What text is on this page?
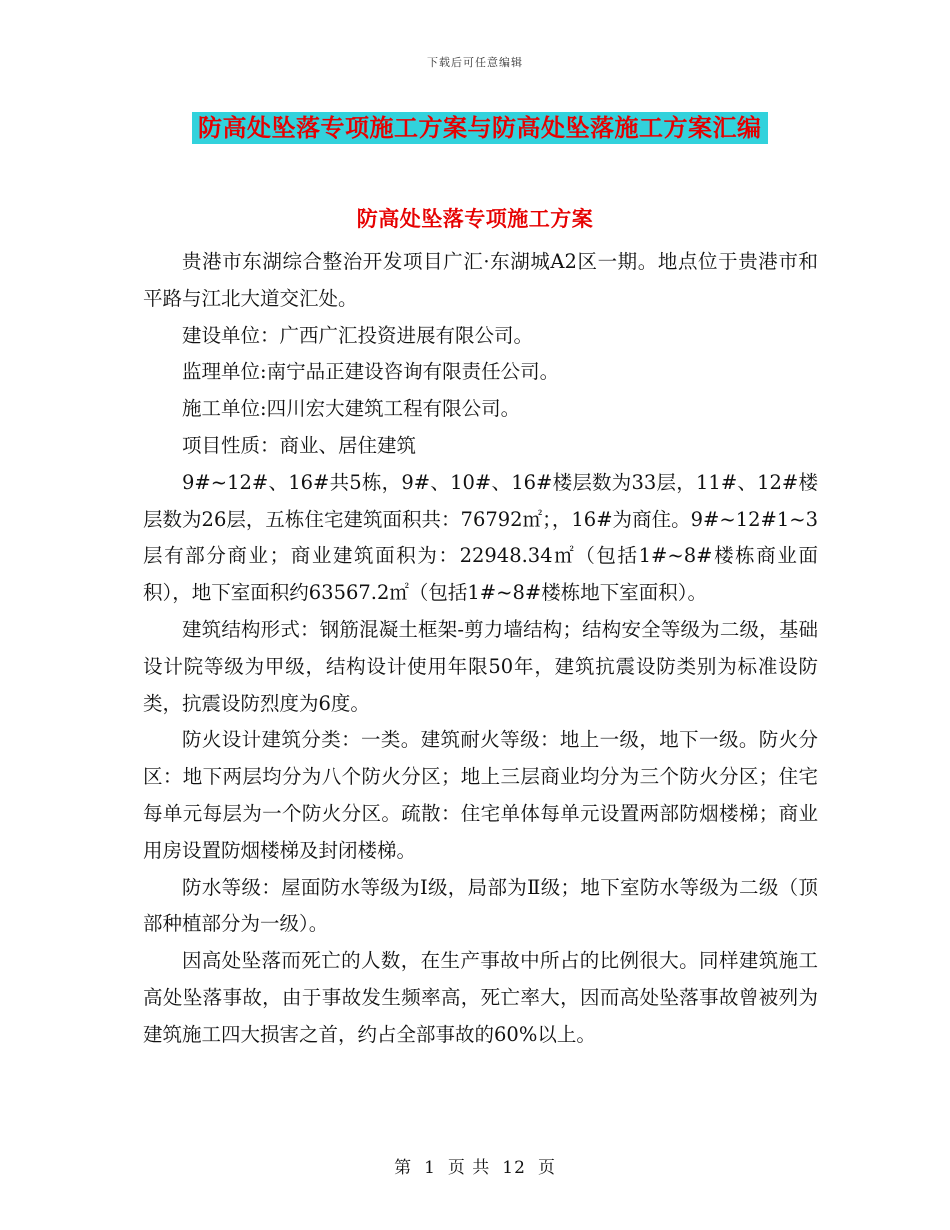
下载后可任意编辑
防高处坠落专项施工方案与防高处坠落施工方案汇编
防高处坠落专项施工方案

贵港市东湖综合整治开发项目广汇·东湖城A2区一期。地点位于贵港市和平路与江北大道交汇处。

建设单位：广西广汇投资进展有限公司。

监理单位:南宁品正建设咨询有限责任公司。

施工单位:四川宏大建筑工程有限公司。

项目性质：商业、居住建筑

9#~12#、16#共5栋，9#、10#、16#楼层数为33层，11#、12#楼层数为26层，五栋住宅建筑面积共：76792㎡；，16#为商住。9#~12#1~3层有部分商业；商业建筑面积为：22948.34㎡（包括1#~8#楼栋商业面积），地下室面积约63567.2㎡（包括1#~8#楼栋地下室面积）。

建筑结构形式：钢筋混凝土框架-剪力墙结构；结构安全等级为二级，基础设计院等级为甲级，结构设计使用年限50年，建筑抗震设防类别为标准设防类，抗震设防烈度为6度。

防火设计建筑分类：一类。建筑耐火等级：地上一级，地下一级。防火分区：地下两层均分为八个防火分区；地上三层商业均分为三个防火分区；住宅每单元每层为一个防火分区。疏散：住宅单体每单元设置两部防烟楼梯；商业用房设置防烟楼梯及封闭楼梯。

防水等级：屋面防水等级为Ⅰ级，局部为Ⅱ级；地下室防水等级为二级（顶部种植部分为一级）。

因高处坠落而死亡的人数，在生产事故中所占的比例很大。同样建筑施工高处坠落事故，由于事故发生频率高，死亡率大，因而高处坠落事故曾被列为建筑施工四大损害之首，约占全部事故的60%以上。

第 1 页 共 12 页
